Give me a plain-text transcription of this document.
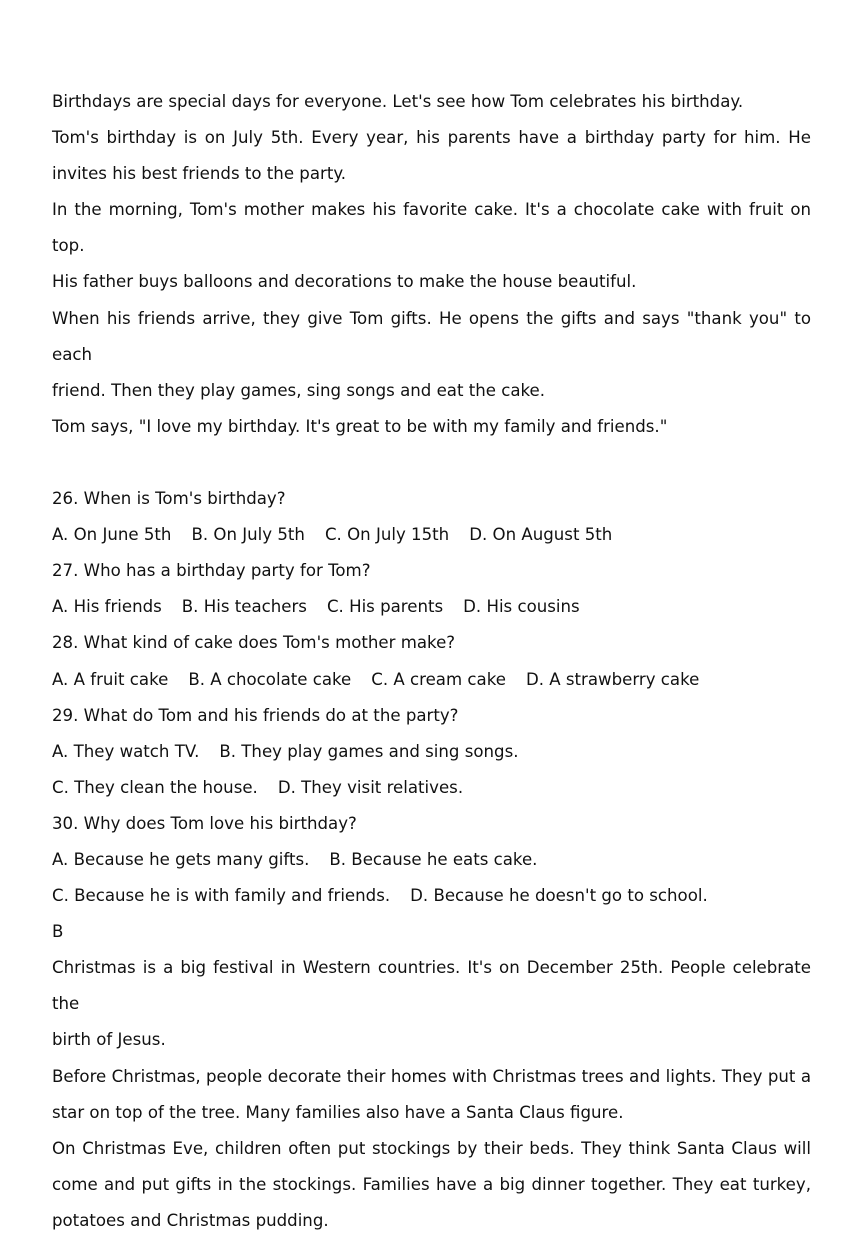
Birthdays are special days for everyone. Let's see how Tom celebrates his birthday.

Tom's birthday is on July 5th. Every year, his parents have a birthday party for him. He

invites his best friends to the party.

In the morning, Tom's mother makes his favorite cake. It's a chocolate cake with fruit on top.

His father buys balloons and decorations to make the house beautiful.

When his friends arrive, they give Tom gifts. He opens the gifts and says "thank you" to each

friend. Then they play games, sing songs and eat the cake.

Tom says, "I love my birthday. It's great to be with my family and friends."

26. When is Tom's birthday?

A. On June 5th B. On July 5th C. On July 15th D. On August 5th

27. Who has a birthday party for Tom?

A. His friends B. His teachers C. His parents D. His cousins

28. What kind of cake does Tom's mother make?

A. A fruit cake B. A chocolate cake C. A cream cake D. A strawberry cake

29. What do Tom and his friends do at the party?

A. They watch TV. B. They play games and sing songs.

C. They clean the house. D. They visit relatives.

30. Why does Tom love his birthday?

A. Because he gets many gifts. B. Because he eats cake.

C. Because he is with family and friends. D. Because he doesn't go to school.

B

Christmas is a big festival in Western countries. It's on December 25th. People celebrate the

birth of Jesus.

Before Christmas, people decorate their homes with Christmas trees and lights. They put a

star on top of the tree. Many families also have a Santa Claus figure.

On Christmas Eve, children often put stockings by their beds. They think Santa Claus will

come and put gifts in the stockings. Families have a big dinner together. They eat turkey,

potatoes and Christmas pudding.
